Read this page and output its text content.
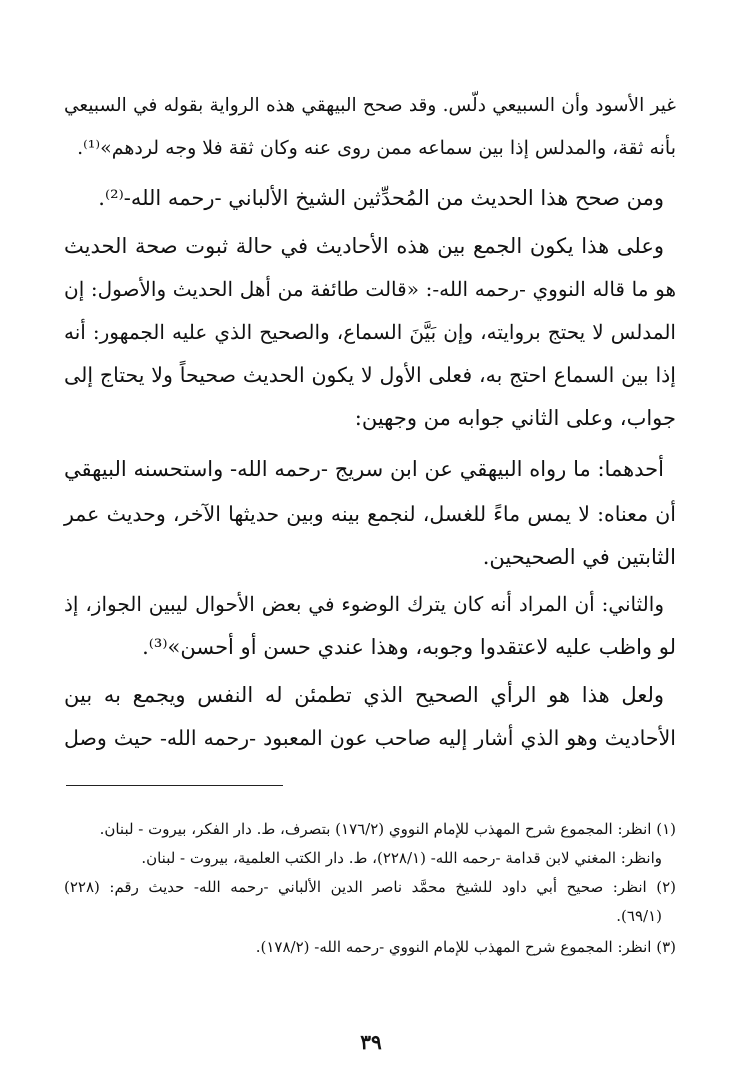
غير الأسود وأن السبيعي دلّس. وقد صحح البيهقي هذه الرواية بقوله في السبيعي
بأنه ثقة، والمدلس إذا بين سماعه ممن روى عنه وكان ثقة فلا وجه لردهم»⁽¹⁾.
ومن صحح هذا الحديث من المُحدِّثين الشيخ الألباني -رحمه الله-⁽²⁾.
وعلى هذا يكون الجمع بين هذه الأحاديث في حالة ثبوت صحة الحديث
هو ما قاله النووي -رحمه الله-: «قالت طائفة من أهل الحديث والأصول: إن
المدلس لا يحتج بروايته، وإن بَيَّنَ السماع، والصحيح الذي عليه الجمهور: أنه
إذا بين السماع احتج به، فعلى الأول لا يكون الحديث صحيحاً ولا يحتاج إلى
جواب، وعلى الثاني جوابه من وجهين:
أحدهما: ما رواه البيهقي عن ابن سريج -رحمه الله- واستحسنه البيهقي
أن معناه: لا يمس ماءً للغسل، لنجمع بينه وبين حديثها الآخر، وحديث عمر
الثابتين في الصحيحين.
والثاني: أن المراد أنه كان يترك الوضوء في بعض الأحوال ليبين الجواز، إذ
لو واظب عليه لاعتقدوا وجوبه، وهذا عندي حسن أو أحسن»⁽³⁾.
ولعل هذا هو الرأي الصحيح الذي تطمئن له النفس ويجمع به بين
الأحاديث وهو الذي أشار إليه صاحب عون المعبود -رحمه الله- حيث وصل
(١) انظر: المجموع شرح المهذب للإمام النووي (١٧٦/٢) بتصرف، ط. دار الفكر، بيروت - لبنان.
وانظر: المغني لابن قدامة -رحمه الله- (٢٢٨/١)، ط. دار الكتب العلمية، بيروت - لبنان.
(٢) انظر: صحيح أبي داود للشيخ محمَّد ناصر الدين الألباني -رحمه الله- حديث رقم: (٢٢٨)
(٦٩/١).
(٣) انظر: المجموع شرح المهذب للإمام النووي -رحمه الله- (١٧٨/٢).
٣٩
